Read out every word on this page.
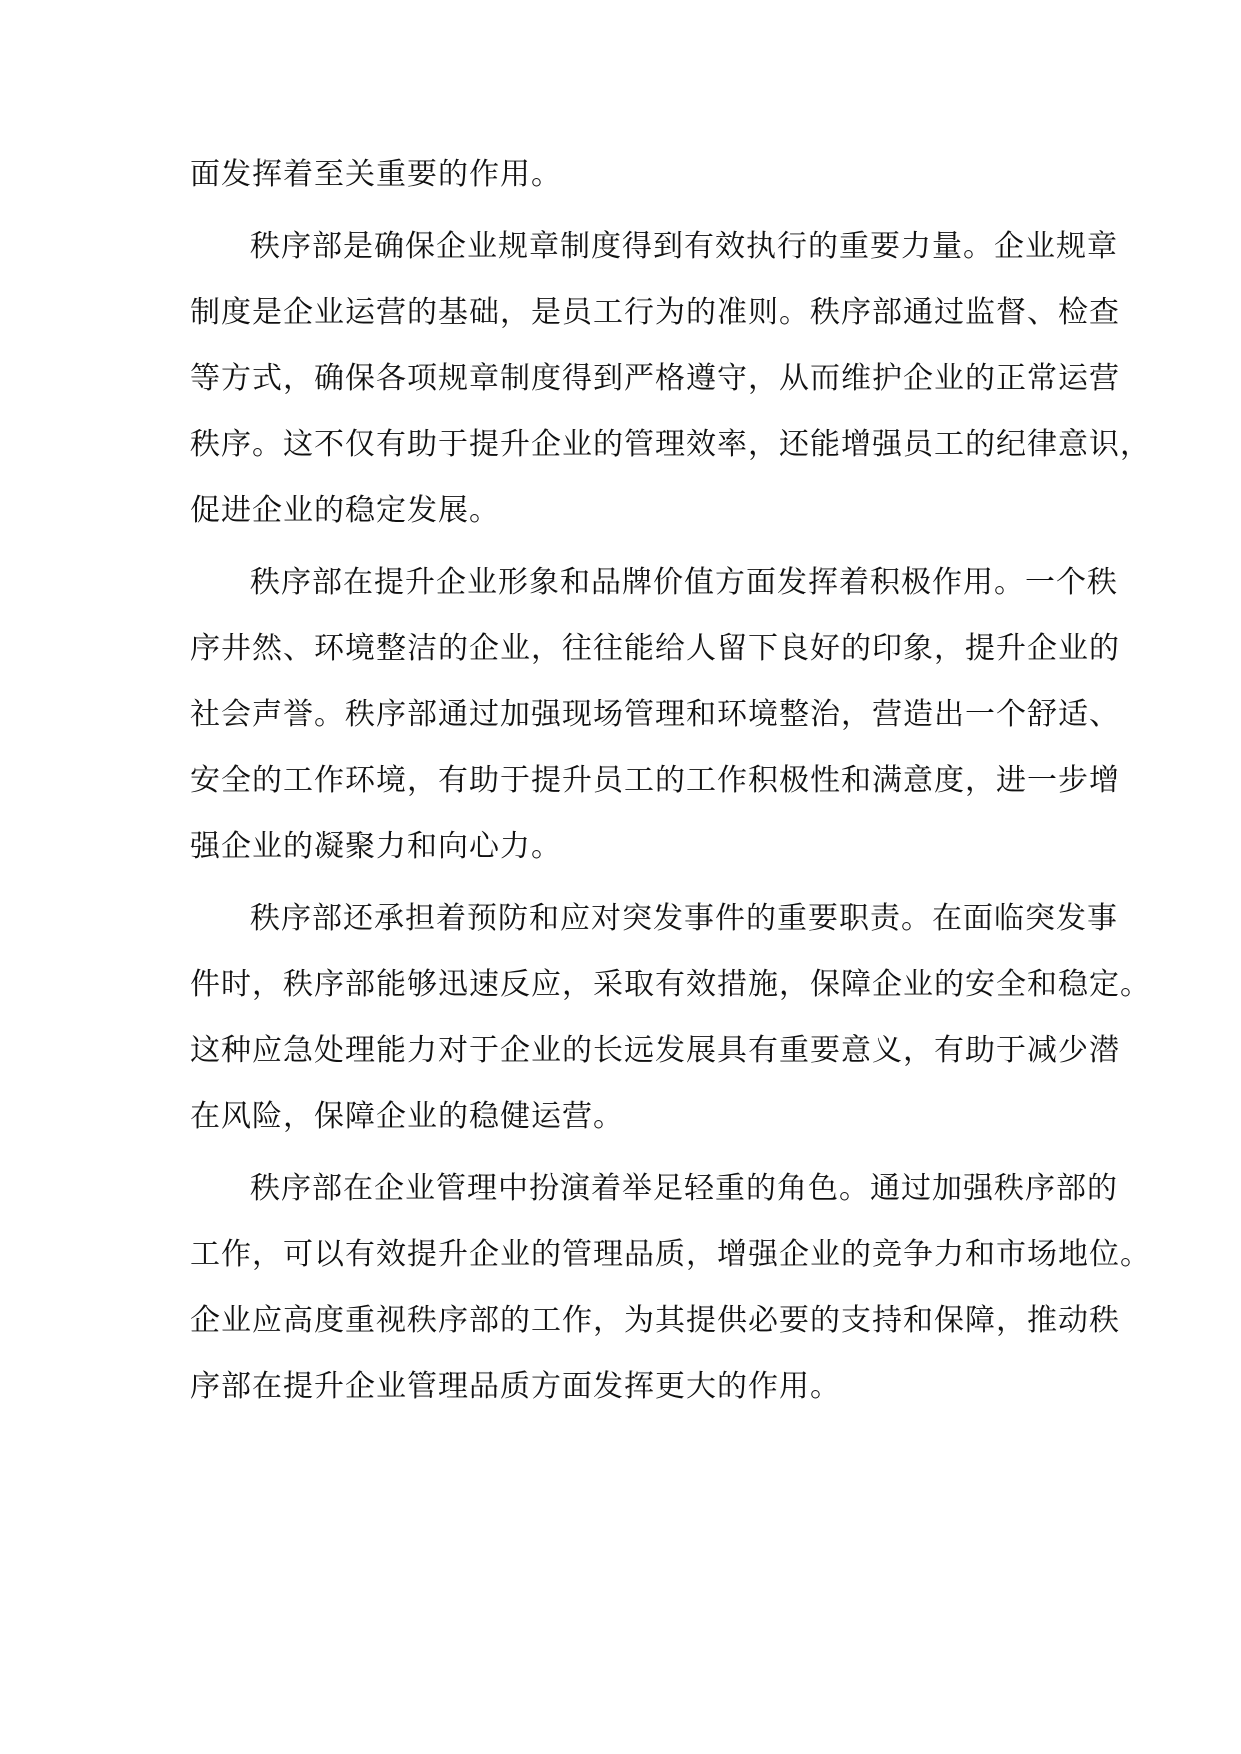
面发挥着至关重要的作用。
秩序部是确保企业规章制度得到有效执行的重要力量。企业规章
制度是企业运营的基础，是员工行为的准则。秩序部通过监督、检查
等方式，确保各项规章制度得到严格遵守，从而维护企业的正常运营
秩序。这不仅有助于提升企业的管理效率，还能增强员工的纪律意识，
促进企业的稳定发展。
秩序部在提升企业形象和品牌价值方面发挥着积极作用。一个秩
序井然、环境整洁的企业，往往能给人留下良好的印象，提升企业的
社会声誉。秩序部通过加强现场管理和环境整治，营造出一个舒适、
安全的工作环境，有助于提升员工的工作积极性和满意度，进一步增
强企业的凝聚力和向心力。
秩序部还承担着预防和应对突发事件的重要职责。在面临突发事
件时，秩序部能够迅速反应，采取有效措施，保障企业的安全和稳定。
这种应急处理能力对于企业的长远发展具有重要意义，有助于减少潜
在风险，保障企业的稳健运营。
秩序部在企业管理中扮演着举足轻重的角色。通过加强秩序部的
工作，可以有效提升企业的管理品质，增强企业的竞争力和市场地位。
企业应高度重视秩序部的工作，为其提供必要的支持和保障，推动秩
序部在提升企业管理品质方面发挥更大的作用。
